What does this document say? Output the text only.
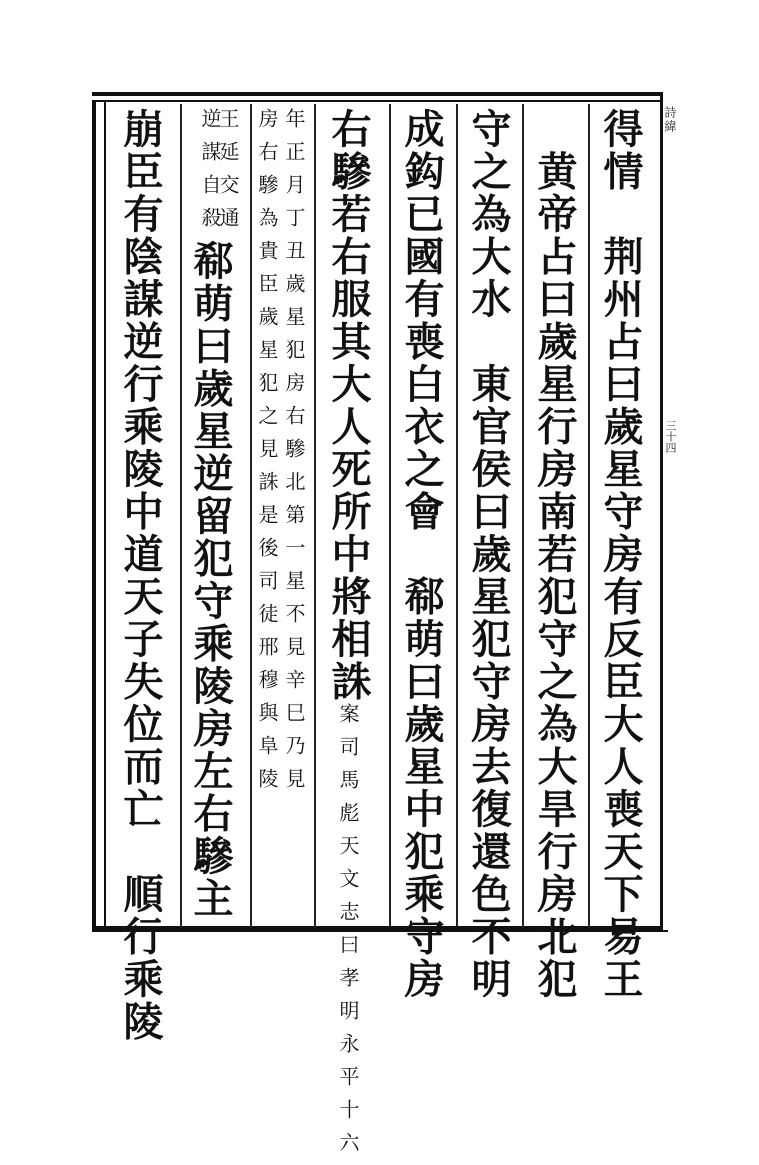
詩緯
三十四
得情　荆州占曰歲星守房有反臣大人喪天下易王
　黄帝占曰歲星行房南若犯守之為大旱行房北犯
守之為大水　東官侯曰歲星犯守房去復還色不明
成鈎已國有喪白衣之會　郗萌曰歲星中犯乘守房
右驂若右服其大人死所中將相誅案司馬彪天文志曰孝明永平十六
年正月丁丑歲星犯房右驂北第一星不見辛巳乃見
房右驂為貴臣歲星犯之見誅是後司徒邢穆與阜陵
王延交通
逆謀自殺郗萌曰歲星逆留犯守乘陵房左右驂主
崩臣有陰謀逆行乘陵中道天子失位而亡　順行乘陵
